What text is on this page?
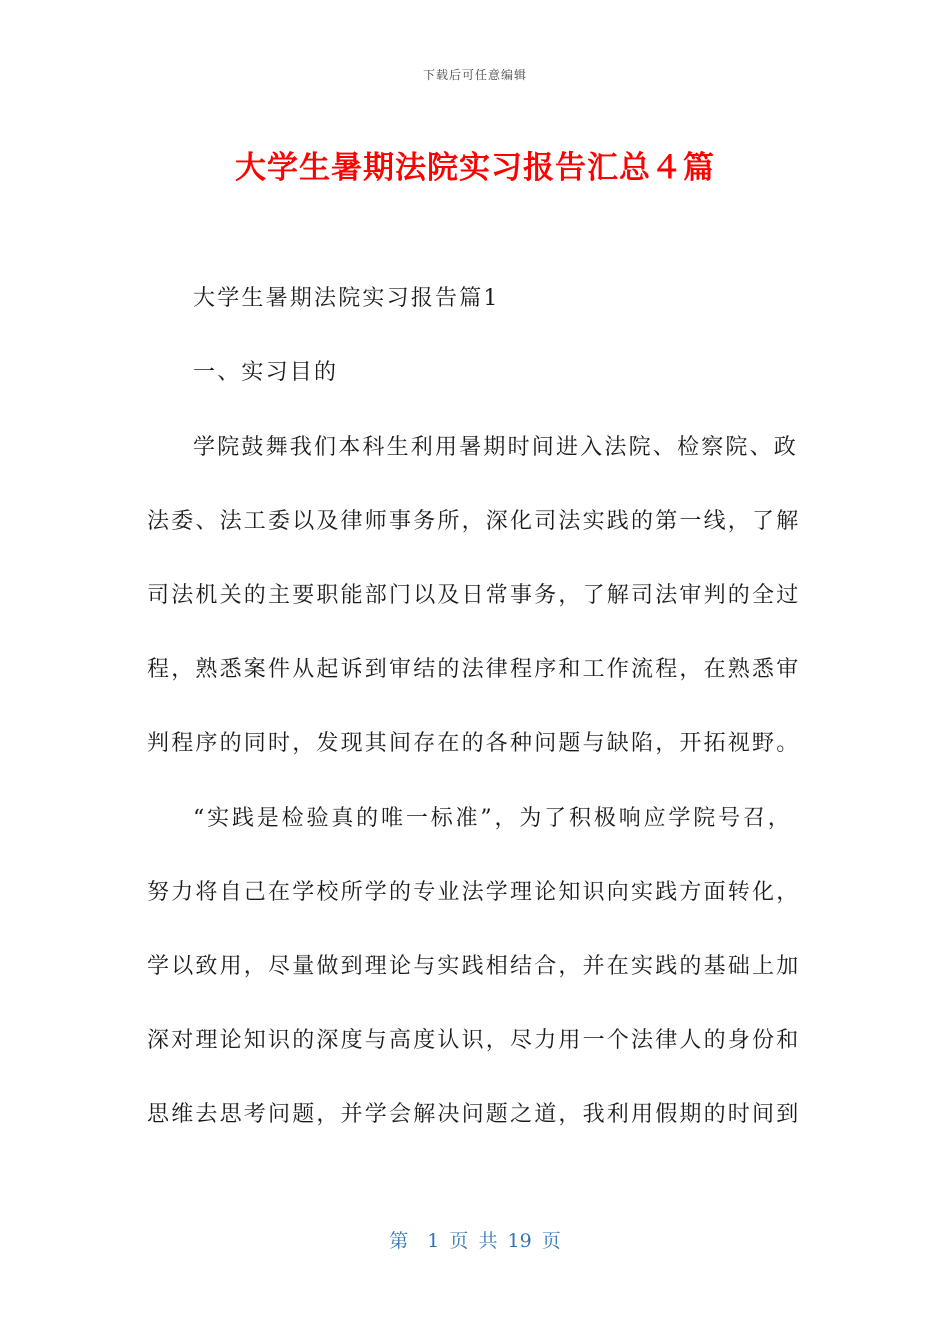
下载后可任意编辑
大学生暑期法院实习报告汇总４篇
大学生暑期法院实习报告篇1
一、实习目的
学院鼓舞我们本科生利用暑期时间进入法院、检察院、政
法委、法工委以及律师事务所，深化司法实践的第一线，了解
司法机关的主要职能部门以及日常事务，了解司法审判的全过
程，熟悉案件从起诉到审结的法律程序和工作流程，在熟悉审
判程序的同时，发现其间存在的各种问题与缺陷，开拓视野。
“实践是检验真的唯一标准”，为了积极响应学院号召，
努力将自己在学校所学的专业法学理论知识向实践方面转化，
学以致用，尽量做到理论与实践相结合，并在实践的基础上加
深对理论知识的深度与高度认识，尽力用一个法律人的身份和
思维去思考问题，并学会解决问题之道，我利用假期的时间到
第　1 页 共 19 页
